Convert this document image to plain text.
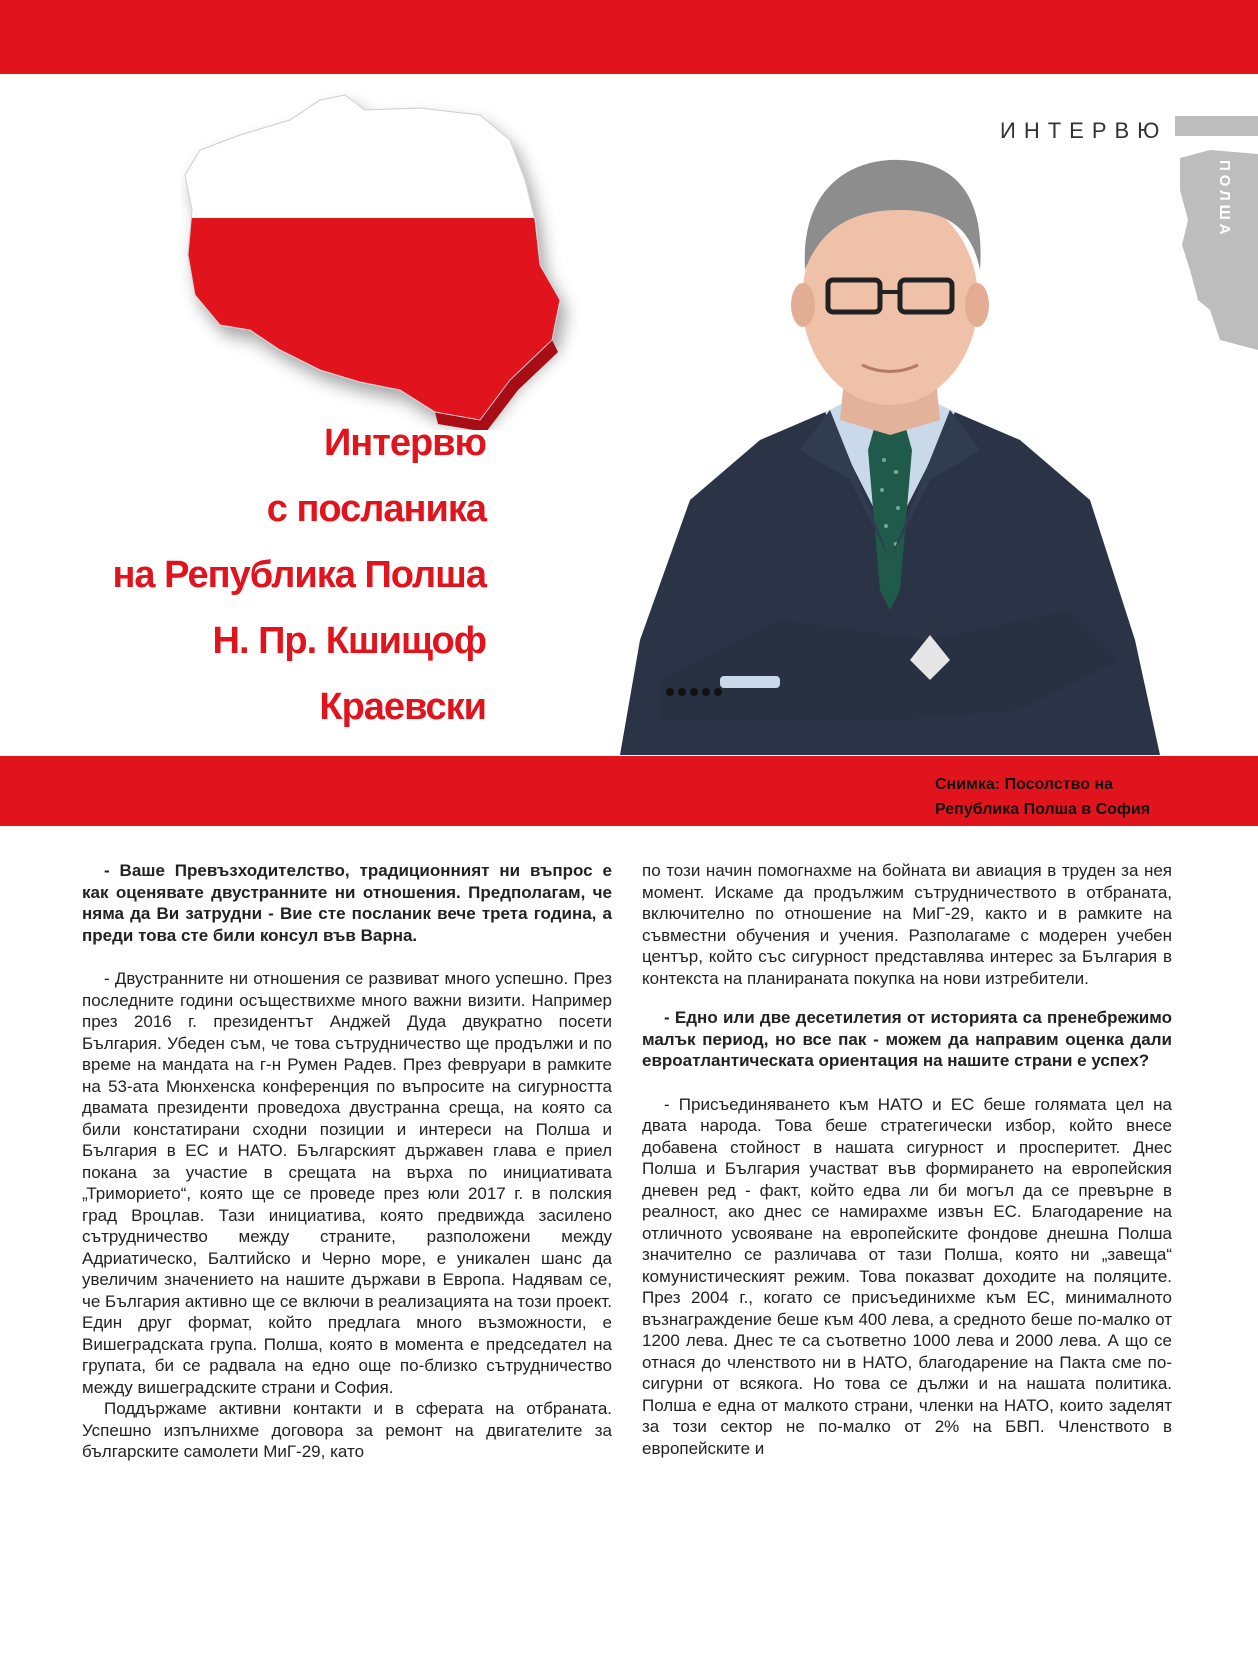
ИНТЕРВЮ
ПОЛША
Интервю
с посланика
на Република Полша
Н. Пр. Кшищоф
Краевски
Снимка: Посолство на
Република Полша в София

- Ваше Превъзходителство, традиционният ни въпрос е как оценявате двустранните ни отношения. Предполагам, че няма да Ви затрудни - Вие сте посланик вече трета година, а преди това сте били консул във Варна.

- Двустранните ни отношения се развиват много успешно. През последните години осъществихме много важни визити. Например през 2016 г. президентът Анджей Дуда двукратно посети България. Убеден съм, че това сътрудничество ще продължи и по време на мандата на г-н Румен Радев. През февруари в рамките на 53-ата Мюнхенска конференция по въпросите на сигурността двамата президенти проведоха двустранна среща, на която са били констатирани сходни позиции и интереси на Полша и България в ЕС и НАТО. Българският държавен глава е приел покана за участие в срещата на върха по инициативата „Триморието“, която ще се проведе през юли 2017 г. в полския град Вроцлав. Тази инициатива, която предвижда засилено сътрудничество между страните, разположени между Адриатическо, Балтийско и Черно море, е уникален шанс да увеличим значението на нашите държави в Европа. Надявам се, че България активно ще се включи в реализацията на този проект. Един друг формат, който предлага много възможности, е Вишеградската група. Полша, която в момента е председател на групата, би се радвала на едно още по-близко сътрудничество между вишеградските страни и София.

Поддържаме активни контакти и в сферата на отбраната. Успешно изпълнихме договора за ремонт на двигателите за българските самолети МиГ-29, като

по този начин помогнахме на бойната ви авиация в труден за нея момент. Искаме да продължим сътрудничеството в отбраната, включително по отношение на МиГ-29, както и в рамките на съвместни обучения и учения. Разполагаме с модерен учебен център, който със сигурност представлява интерес за България в контекста на планираната покупка на нови изтребители.

- Едно или две десетилетия от историята са пренебрежимо малък период, но все пак - можем да направим оценка дали евроатлантическата ориентация на нашите страни е успех?

- Присъединяването към НАТО и ЕС беше голямата цел на двата народа. Това беше стратегически избор, който внесе добавена стойност в нашата сигурност и просперитет. Днес Полша и България участват във формирането на европейския дневен ред - факт, който едва ли би могъл да се превърне в реалност, ако днес се намирахме извън ЕС. Благодарение на отличното усвояване на европейските фондове днешна Полша значително се различава от тази Полша, която ни „завеща“ комунистическият режим. Това показват доходите на поляците. През 2004 г., когато се присъединихме към ЕС, минималното възнаграждение беше към 400 лева, а средното беше по-малко от 1200 лева. Днес те са съответно 1000 лева и 2000 лева. А що се отнася до членството ни в НАТО, благодарение на Пакта сме по-сигурни от всякога. Но това се дължи и на нашата политика. Полша е една от малкото страни, членки на НАТО, които заделят за този сектор не по-малко от 2% на БВП. Членството в европейските и
